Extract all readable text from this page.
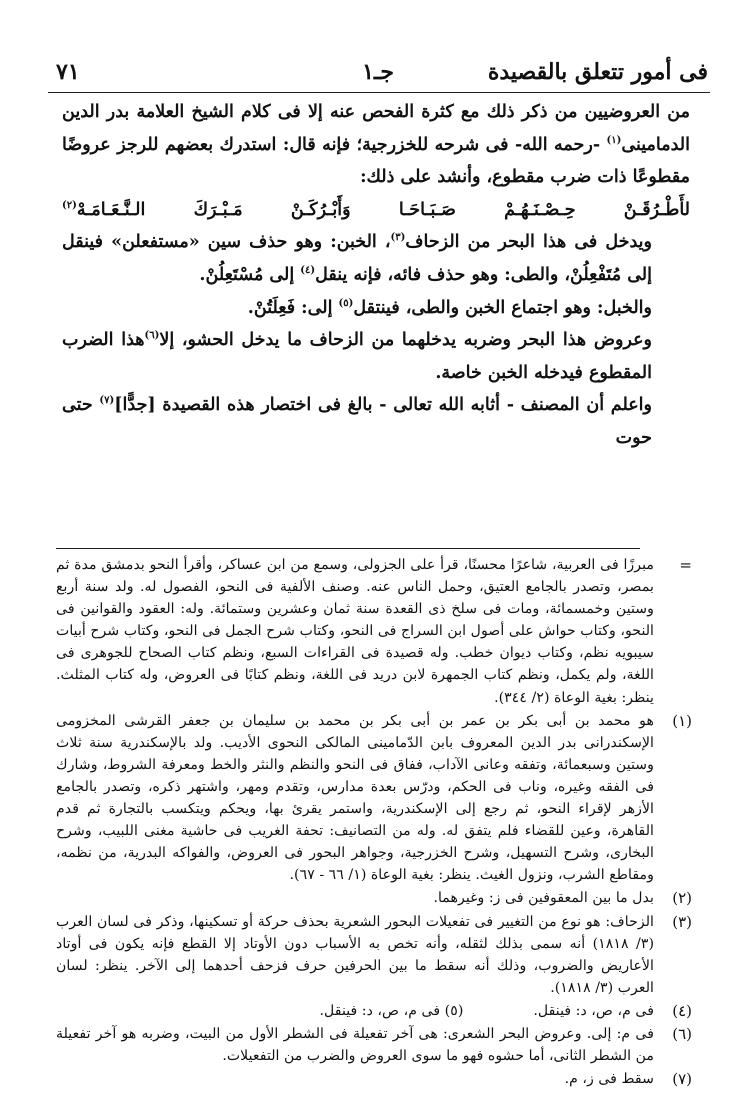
فى أمور تتعلق بالقصيدة
جـ١
٧١

من العروضيين من ذكر ذلك مع كثرة الفحص عنه إلا فى كلام الشيخ العلامة بدر الدين الدمامينى$^{(١)}$ -رحمه الله- فى شرحه للخزرجية؛ فإنه قال: استدرك بعضهم للرجز عروضًا مقطوعًا ذات ضرب مقطوع، وأنشد على ذلك:

لأَطْـرُقَـنْ حِـصْـنَـهُـمْ صَـبَـاحَـا وَأَبْـرُكَـنْ مَـبْـرَكَ الـنَّـعَـامَـهْ$^{(٢)}$

ويدخل فى هذا البحر من الزحاف$^{(٣)}$، الخبن: وهو حذف سين «مستفعلن» فينقل إلى مُتَفْعِلُنْ، والطى: وهو حذف فائه، فإنه ينقل$^{(٤)}$ إلى مُسْتَعِلُنْ.

والخبل: وهو اجتماع الخبن والطى، فينتقل$^{(٥)}$ إلى: فَعِلَتُنْ.

وعروض هذا البحر وضربه يدخلهما من الزحاف ما يدخل الحشو، إلا$^{(٦)}$هذا الضرب المقطوع فيدخله الخبن خاصة.

واعلم أن المصنف - أثابه الله تعالى - بالغ فى اختصار هذه القصيدة [جدًّا]$^{(٧)}$ حتى حوت

=
مبرزًا فى العربية، شاعرًا محسنًا، قرأ على الجزولى، وسمع من ابن عساكر، وأقرأ النحو بدمشق مدة ثم بمصر، وتصدر بالجامع العتيق، وحمل الناس عنه. وصنف الألفية فى النحو، الفصول له. ولد سنة أربع وستين وخمسمائة، ومات فى سلخ ذى القعدة سنة ثمان وعشرين وستمائة. وله: العقود والقوانين فى النحو، وكتاب حواش على أصول ابن السراج فى النحو، وكتاب شرح الجمل فى النحو، وكتاب شرح أبيات سيبويه نظم، وكتاب ديوان خطب. وله قصيدة فى القراءات السبع، ونظم كتاب الصحاح للجوهرى فى اللغة، ولم يكمل، ونظم كتاب الجمهرة لابن دريد فى اللغة، ونظم كتابًا فى العروض، وله كتاب المثلث. ينظر: بغية الوعاة (٢/ ٣٤٤).
(١)
هو محمد بن أبى بكر بن عمر بن أبى بكر بن محمد بن سليمان بن جعفر القرشى المخزومى الإسكندرانى بدر الدين المعروف بابن الدّمامينى المالكى النحوى الأديب. ولد بالإسكندرية سنة ثلاث وستين وسبعمائة، وتفقه وعانى الآداب، ففاق فى النحو والنظم والنثر والخط ومعرفة الشروط، وشارك فى الفقه وغيره، وناب فى الحكم، ودرّس بعدة مدارس، وتقدم ومهر، واشتهر ذكره، وتصدر بالجامع الأزهر لإقراء النحو، ثم رجع إلى الإسكندرية، واستمر يقرئ بها، ويحكم ويتكسب بالتجارة ثم قدم القاهرة، وعين للقضاء فلم يتفق له. وله من التصانيف: تحفة الغريب فى حاشية مغنى اللبيب، وشرح البخارى، وشرح التسهيل، وشرح الخزرجية، وجواهر البحور فى العروض، والفواكه البدرية، من نظمه، ومقاطع الشرب، ونزول الغيث. ينظر: بغية الوعاة (١/ ٦٦ - ٦٧).
(٢)
بدل ما بين المعقوفين فى ز: وغيرهما.
(٣)
الزحاف: هو نوع من التغيير فى تفعيلات البحور الشعرية بحذف حركة أو تسكينها، وذكر فى لسان العرب (٣/ ١٨١٨) أنه سمى بذلك لثقله، وأنه تخص به الأسباب دون الأوتاد إلا القطع فإنه يكون فى أوتاد الأعاريض والضروب، وذلك أنه سقط ما بين الحرفين حرف فزحف أحدهما إلى الآخر. ينظر: لسان العرب (٣/ ١٨١٨).
(٤)
فى م، ص، د: فينقل.
(٥) فى م، ص، د: فينقل.
(٦)
فى م: إلى. وعروض البحر الشعرى: هى آخر تفعيلة فى الشطر الأول من البيت، وضربه هو آخر تفعيلة من الشطر الثانى، أما حشوه فهو ما سوى العروض والضرب من التفعيلات.
(٧)
سقط فى ز، م.
